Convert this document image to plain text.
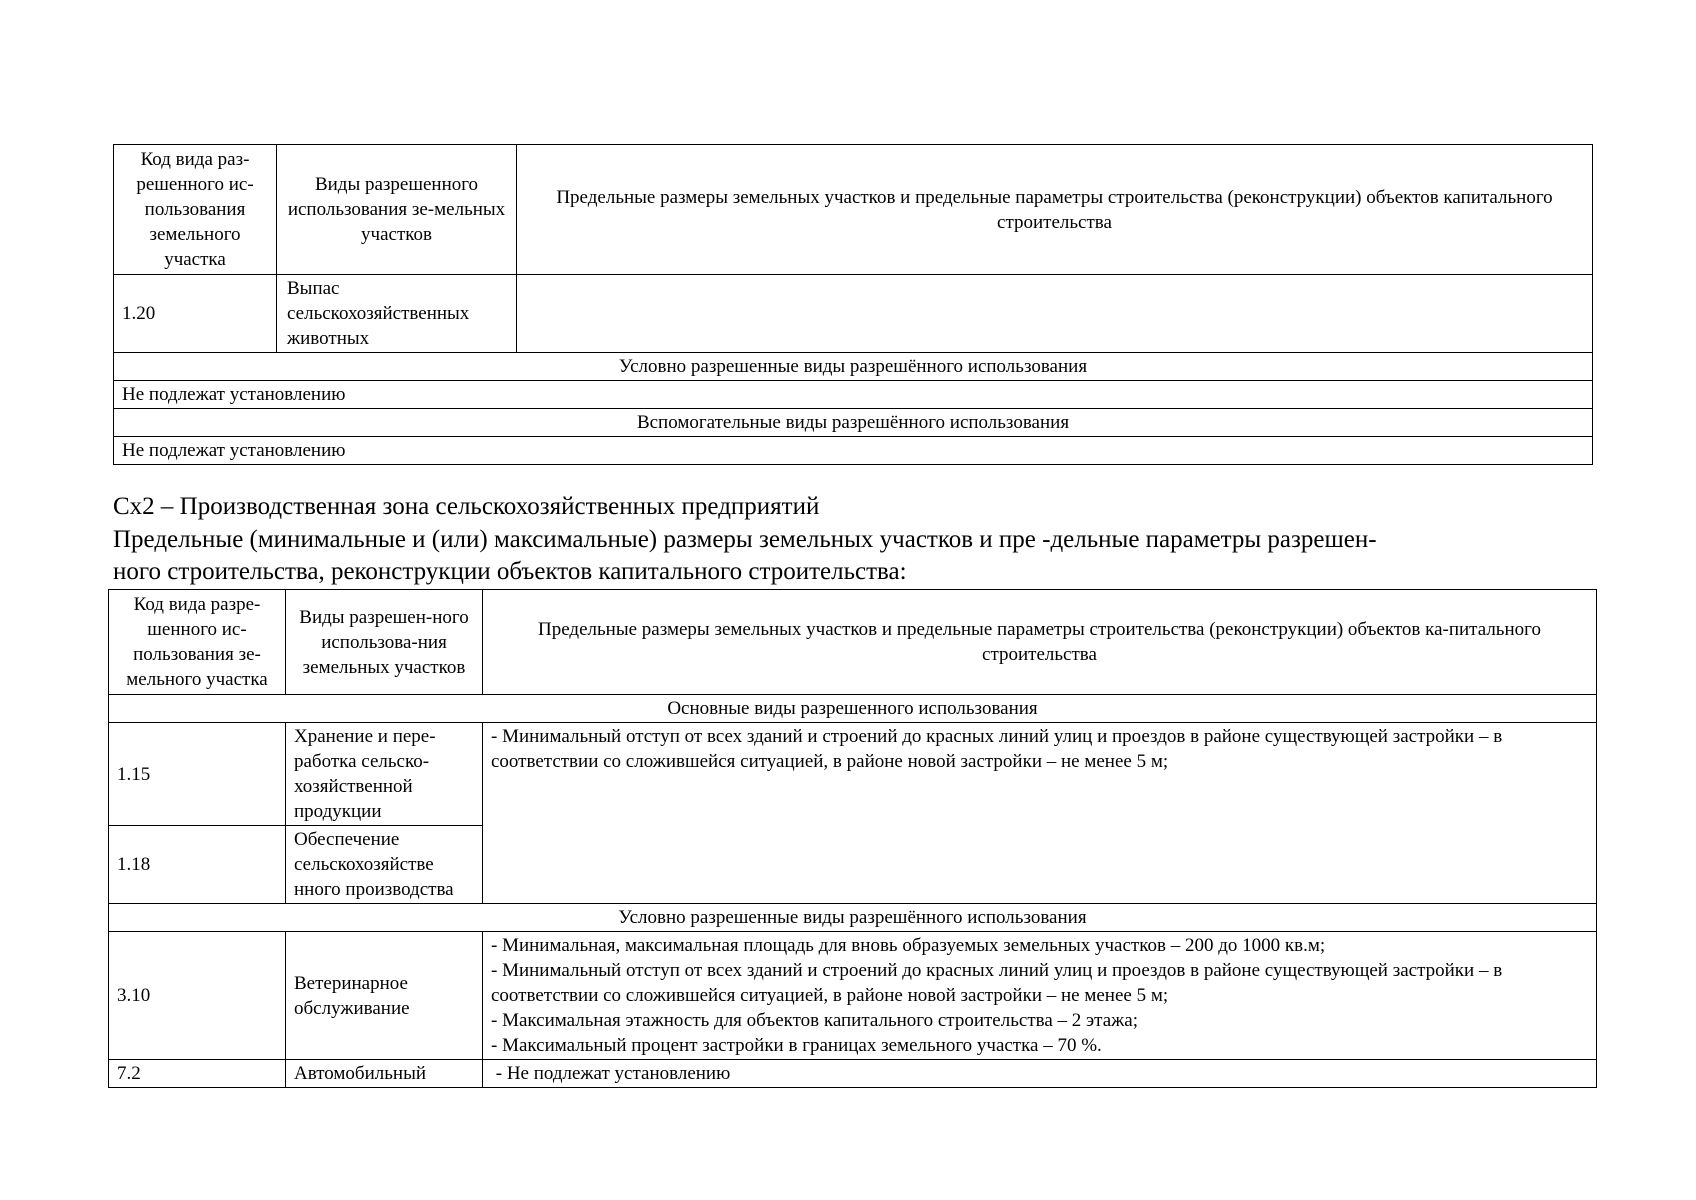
Код вида раз-решенного ис-пользования земельного участка	Виды разрешенного использования зе-мельных участков	Предельные размеры земельных участков и предельные параметры строительства (реконструкции) объектов капитального строительства
1.20	Выпас сельскохозяйственных животных	
Условно разрешенные виды разрешённого использования		
Не подлежат установлению		
Вспомогательные виды разрешённого использования		
Не подлежат установлению		
Сх2 – Производственная зона сельскохозяйственных предприятий
Предельные (минимальные и (или) максимальные) размеры земельных участков и пре -дельные параметры разрешен-
ного строительства, реконструкции объектов капитального строительства:
Код вида разре-шенного ис-пользования зе-мельного участка	Виды разрешен-ного использова-ния земельных участков	Предельные размеры земельных участков и предельные параметры строительства (реконструкции) объектов ка-питального строительства
Основные виды разрешенного использования		
1.15	Хранение и пере-работка сельско-хозяйственной продукции	- Минимальный отступ от всех зданий и строений до красных линий улиц и проездов в районе существующей застройки – в соответствии со сложившейся ситуацией, в районе новой застройки – не менее 5 м;
1.18	Обеспечение сельскохозяйстве нного производства	
Условно разрешенные виды разрешённого использования		
3.10	Ветеринарное обслуживание	- Минимальная, максимальная площадь для вновь образуемых земельных участков – 200 до 1000 кв.м;
- Минимальный отступ от всех зданий и строений до красных линий улиц и проездов в районе существующей застройки – в соответствии со сложившейся ситуацией, в районе новой застройки – не менее 5 м;
- Максимальная этажность для объектов капитального строительства – 2 этажа;
- Максимальный процент застройки в границах земельного участка – 70 %.

7.2	Автомобильный	- Не подлежат установлению
